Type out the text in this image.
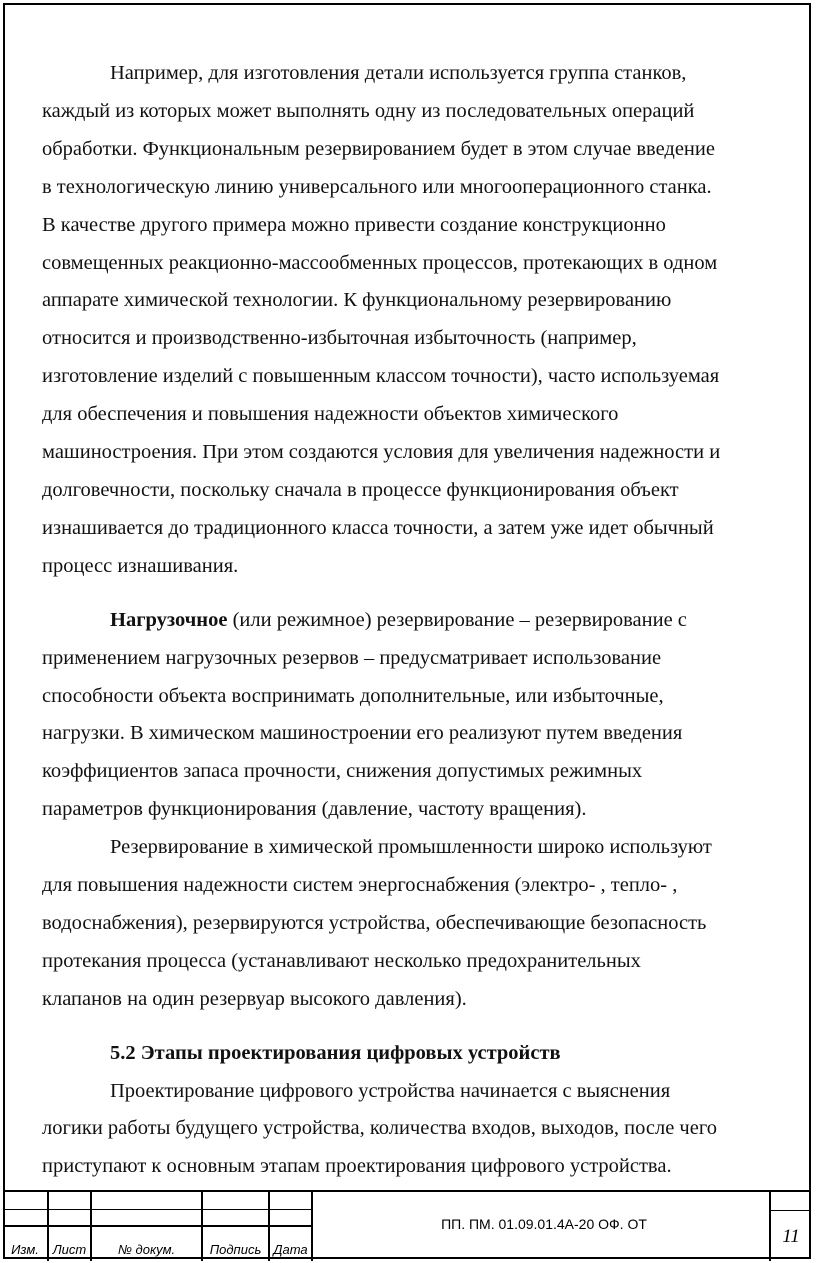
Например, для изготовления детали используется группа станков,
каждый из которых может выполнять одну из последовательных операций
обработки. Функциональным резервированием будет в этом случае введение
в технологическую линию универсального или многооперационного станка.
В качестве другого примера можно привести создание конструкционно
совмещенных реакционно-массообменных процессов, протекающих в одном
аппарате химической технологии. К функциональному резервированию
относится и производственно-избыточная избыточность (например,
изготовление изделий с повышенным классом точности), часто используемая
для обеспечения и повышения надежности объектов химического
машиностроения. При этом создаются условия для увеличения надежности и
долговечности, поскольку сначала в процессе функционирования объект
изнашивается до традиционного класса точности, а затем уже идет обычный
процесс изнашивания.

Нагрузочное (или режимное) резервирование – резервирование с
применением нагрузочных резервов – предусматривает использование
способности объекта воспринимать дополнительные, или избыточные,
нагрузки. В химическом машиностроении его реализуют путем введения
коэффициентов запаса прочности, снижения допустимых режимных
параметров функционирования (давление, частоту вращения).

Резервирование в химической промышленности широко используют
для повышения надежности систем энергоснабжения (электро- , тепло- ,
водоснабжения), резервируются устройства, обеспечивающие безопасность
протекания процесса (устанавливают несколько предохранительных
клапанов на один резервуар высокого давления).

5.2 Этапы проектирования цифровых устройств

Проектирование цифрового устройства начинается с выяснения
логики работы будущего устройства, количества входов, выходов, после чего
приступают к основным этапам проектирования цифрового устройства.

Изм.	Лист	№ докум.	Подпись Дата
ПП. ПМ. 01.09.01.4А-20 ОФ. ОТ
11
